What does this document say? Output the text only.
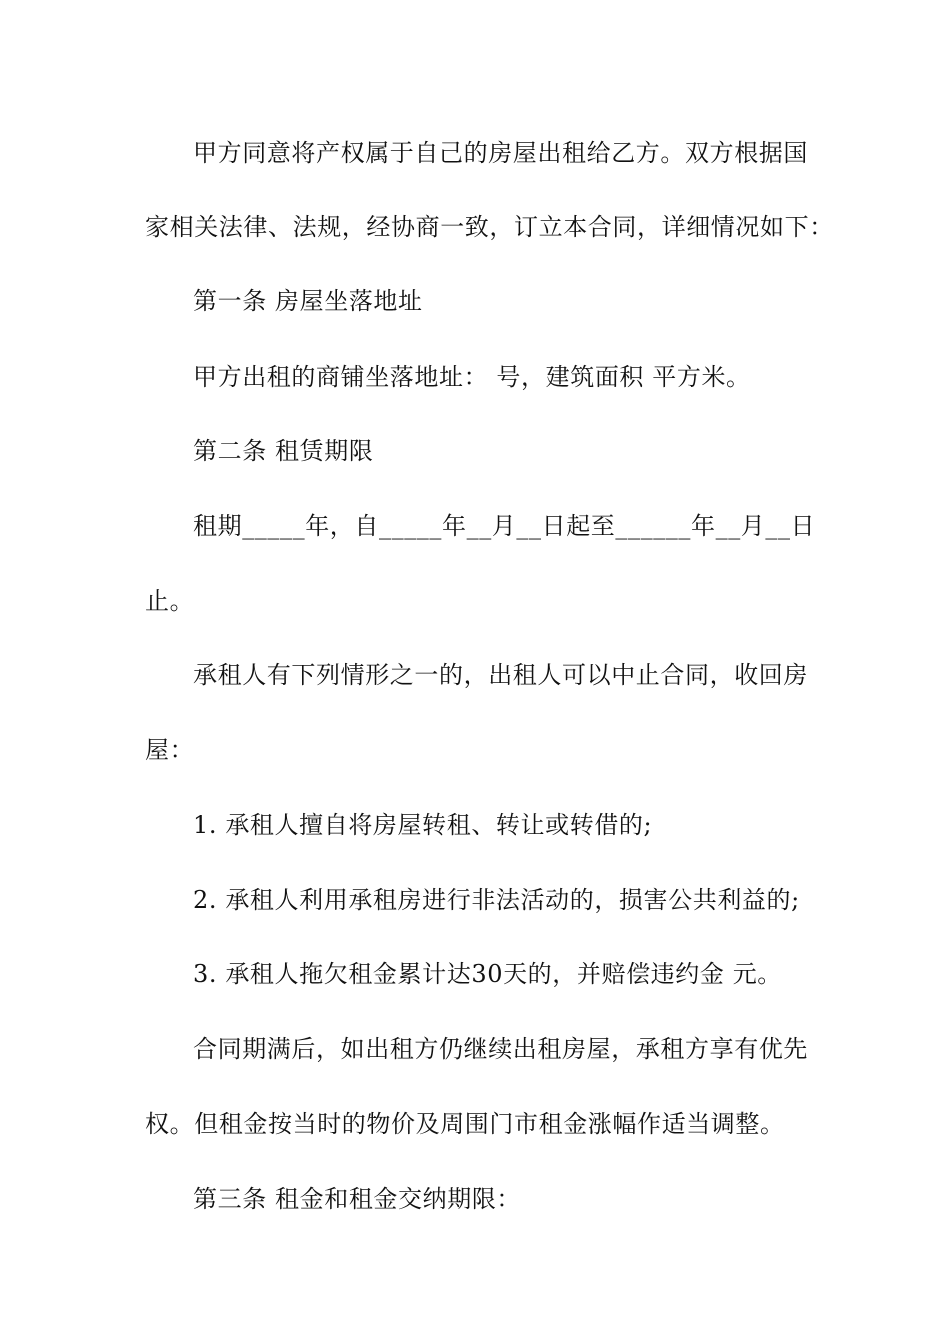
甲方同意将产权属于自己的房屋出租给乙方。双方根据国
家相关法律、法规，经协商一致，订立本合同，详细情况如下：
第一条 房屋坐落地址
甲方出租的商铺坐落地址： 号，建筑面积 平方米。
第二条 租赁期限
租期_____年，自_____年__月__日起至______年__月__日
止。
承租人有下列情形之一的，出租人可以中止合同，收回房
屋：
1. 承租人擅自将房屋转租、转让或转借的;
2. 承租人利用承租房进行非法活动的，损害公共利益的;
3. 承租人拖欠租金累计达30天的，并赔偿违约金 元。
合同期满后，如出租方仍继续出租房屋，承租方享有优先
权。但租金按当时的物价及周围门市租金涨幅作适当调整。
第三条 租金和租金交纳期限：
